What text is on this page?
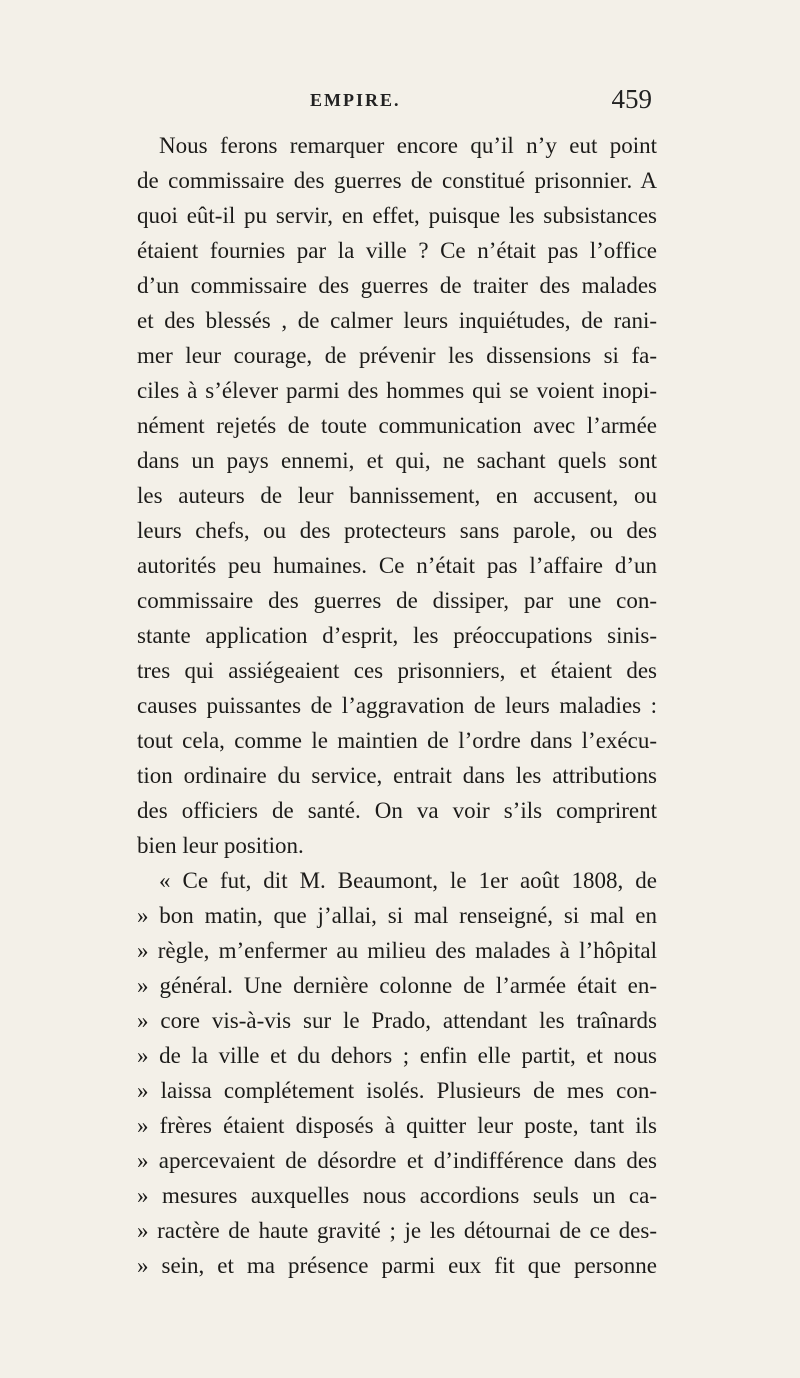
EMPIRE.	459
Nous ferons remarquer encore qu’il n’y eut point
de commissaire des guerres de constitué prisonnier. A
quoi eût-il pu servir, en effet, puisque les subsistances
étaient fournies par la ville ? Ce n’était pas l’office
d’un commissaire des guerres de traiter des malades
et des blessés , de calmer leurs inquiétudes, de rani-
mer leur courage, de prévenir les dissensions si fa-
ciles à s’élever parmi des hommes qui se voient inopi-
nément rejetés de toute communication avec l’armée
dans un pays ennemi, et qui, ne sachant quels sont
les auteurs de leur bannissement, en accusent, ou
leurs chefs, ou des protecteurs sans parole, ou des
autorités peu humaines. Ce n’était pas l’affaire d’un
commissaire des guerres de dissiper, par une con-
stante application d’esprit, les préoccupations sinis-
tres qui assiégeaient ces prisonniers, et étaient des
causes puissantes de l’aggravation de leurs maladies :
tout cela, comme le maintien de l’ordre dans l’exécu-
tion ordinaire du service, entrait dans les attributions
des officiers de santé. On va voir s’ils comprirent
bien leur position.
« Ce fut, dit M. Beaumont, le 1er août 1808, de
» bon matin, que j’allai, si mal renseigné, si mal en
» règle, m’enfermer au milieu des malades à l’hôpital
» général. Une dernière colonne de l’armée était en-
» core vis-à-vis sur le Prado, attendant les traînards
» de la ville et du dehors ; enfin elle partit, et nous
» laissa complétement isolés. Plusieurs de mes con-
» frères étaient disposés à quitter leur poste, tant ils
» apercevaient de désordre et d’indifférence dans des
» mesures auxquelles nous accordions seuls un ca-
» ractère de haute gravité ; je les détournai de ce des-
» sein, et ma présence parmi eux fit que personne
